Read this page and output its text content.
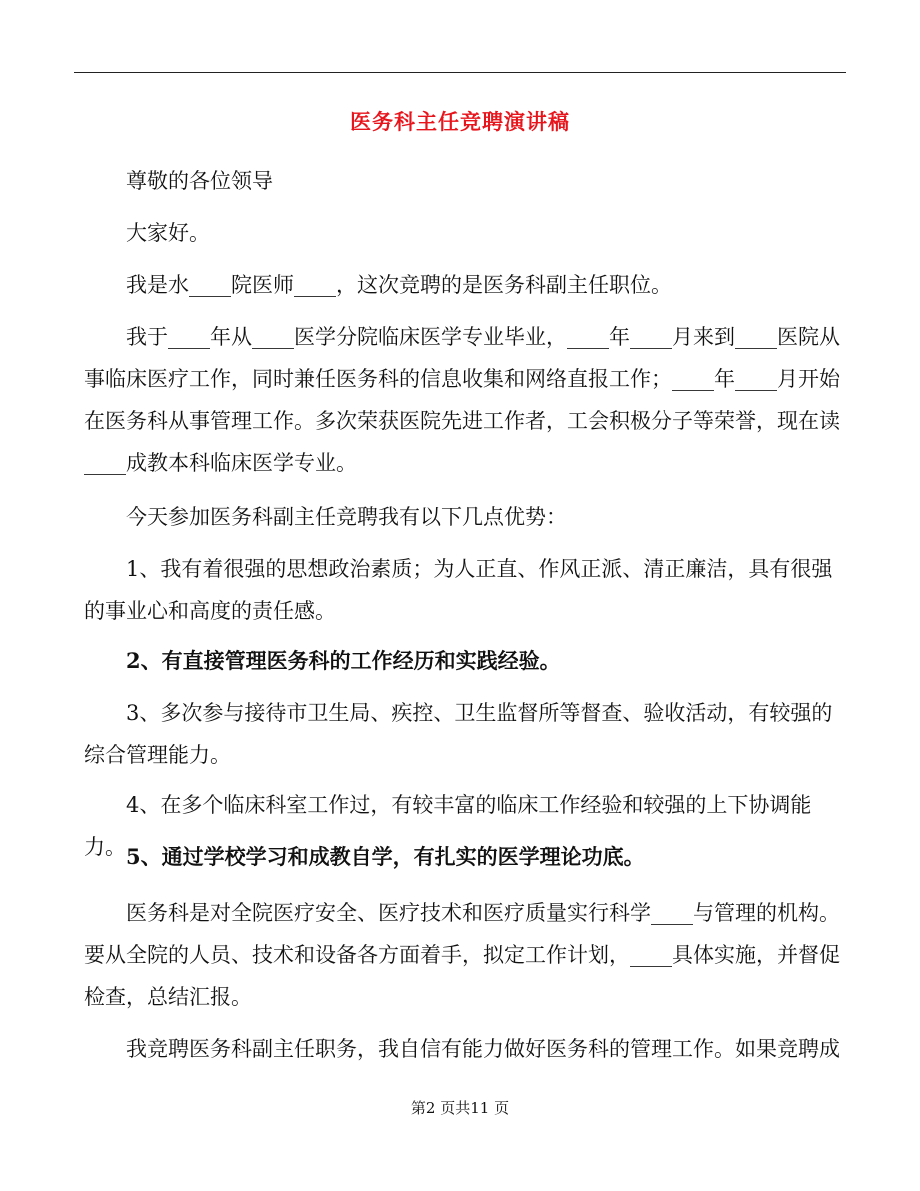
医务科主任竞聘演讲稿

尊敬的各位领导

大家好。

我是水____院医师____，这次竞聘的是医务科副主任职位。

我于____年从____医学分院临床医学专业毕业，____年____月来到____医院从事临床医疗工作，同时兼任医务科的信息收集和网络直报工作；____年____月开始在医务科从事管理工作。多次荣获医院先进工作者，工会积极分子等荣誉，现在读____成教本科临床医学专业。

今天参加医务科副主任竞聘我有以下几点优势：

1、我有着很强的思想政治素质；为人正直、作风正派、清正廉洁，具有很强的事业心和高度的责任感。

2、有直接管理医务科的工作经历和实践经验。

3、多次参与接待市卫生局、疾控、卫生监督所等督查、验收活动，有较强的综合管理能力。

4、在多个临床科室工作过，有较丰富的临床工作经验和较强的上下协调能力。 5、通过学校学习和成教自学，有扎实的医学理论功底。

医务科是对全院医疗安全、医疗技术和医疗质量实行科学____与管理的机构。要从全院的人员、技术和设备各方面着手，拟定工作计划，____具体实施，并督促检查，总结汇报。

我竞聘医务科副主任职务，我自信有能力做好医务科的管理工作。如果竞聘成

第2 页共11 页
